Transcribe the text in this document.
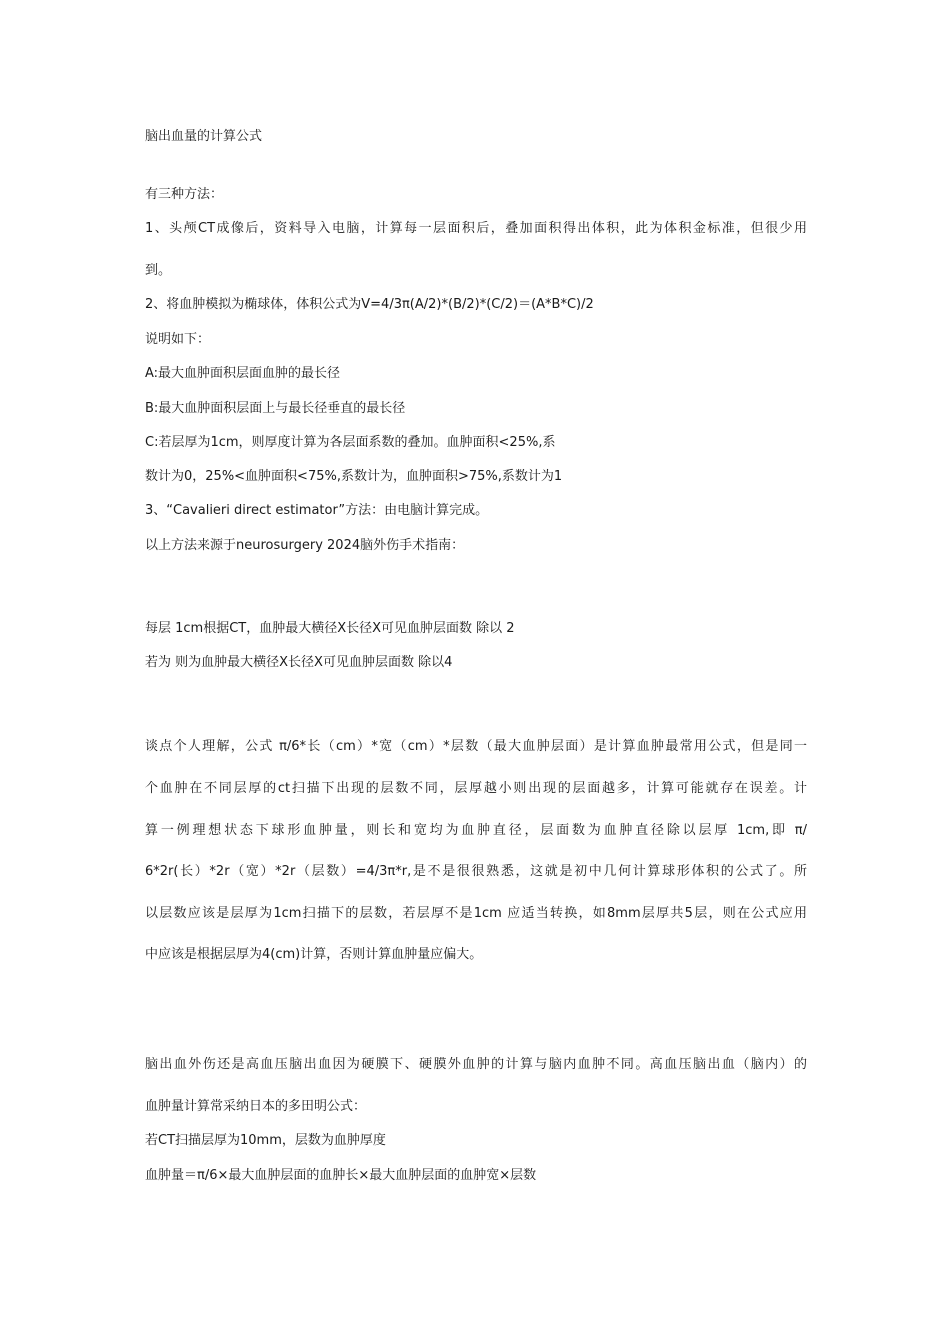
脑出血量的计算公式
有三种方法：
1、头颅CT成像后，资料导入电脑，计算每一层面积后，叠加面积得出体积，此为体积金标准，但很少用
到。
2、将血肿模拟为椭球体，体积公式为V=4/3π(A/2)*(B/2)*(C/2)＝(A*B*C)/2
说明如下：
A:最大血肿面积层面血肿的最长径
B:最大血肿面积层面上与最长径垂直的最长径
C:若层厚为1cm，则厚度计算为各层面系数的叠加。血肿面积<25%,系
数计为0，25%<血肿面积<75%,系数计为，血肿面积>75%,系数计为1
3、“Cavalieri direct estimator”方法：由电脑计算完成。
以上方法来源于neurosurgery 2024脑外伤手术指南：
每层 1cm根据CT，血肿最大横径X长径X可见血肿层面数 除以 2
若为 则为血肿最大横径X长径X可见血肿层面数 除以4
谈点个人理解，公式 π/6*长（cm）*宽（cm）*层数（最大血肿层面）是计算血肿最常用公式，但是同一
个血肿在不同层厚的ct扫描下出现的层数不同，层厚越小则出现的层面越多，计算可能就存在误差。计
算一例理想状态下球形血肿量，则长和宽均为血肿直径，层面数为血肿直径除以层厚 1cm,即 π/
6*2r(长）*2r（宽）*2r（层数）=4/3π*r,是不是很很熟悉，这就是初中几何计算球形体积的公式了。所
以层数应该是层厚为1cm扫描下的层数，若层厚不是1cm 应适当转换，如8mm层厚共5层，则在公式应用
中应该是根据层厚为4(cm)计算，否则计算血肿量应偏大。
脑出血外伤还是高血压脑出血因为硬膜下、硬膜外血肿的计算与脑内血肿不同。高血压脑出血（脑内）的
血肿量计算常采纳日本的多田明公式：
若CT扫描层厚为10mm，层数为血肿厚度
血肿量＝π/6×最大血肿层面的血肿长×最大血肿层面的血肿宽×层数
